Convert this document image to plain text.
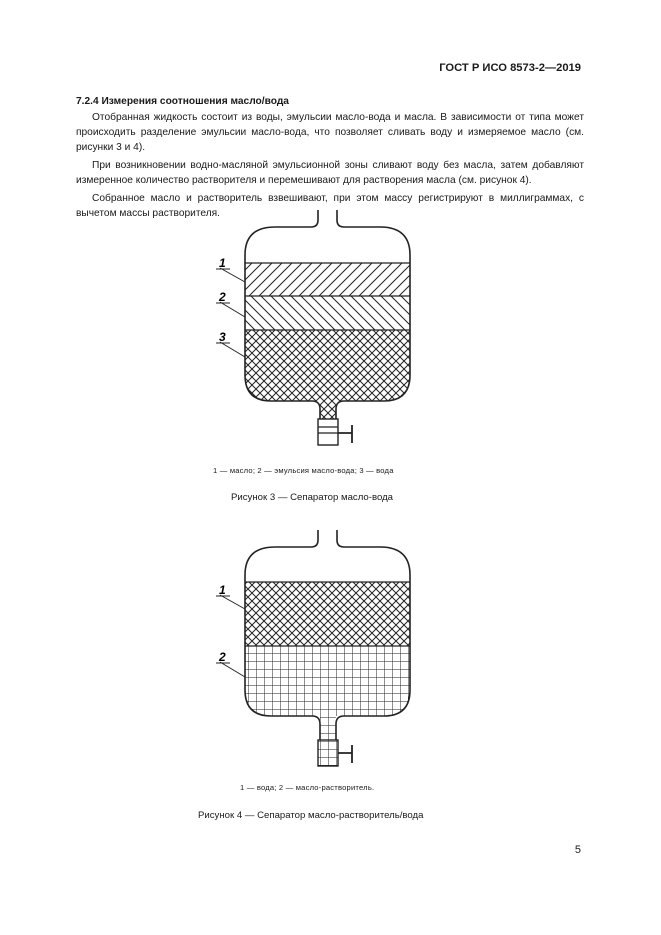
ГОСТ Р ИСО 8573-2—2019
7.2.4 Измерения соотношения масло/вода

Отобранная жидкость состоит из воды, эмульсии масло-вода и масла. В зависимости от типа может происходить разделение эмульсии масло-вода, что позволяет сливать воду и измеряемое масло (см. рисунки 3 и 4).

При возникновении водно-масляной эмульсионной зоны сливают воду без масла, затем добавляют измеренное количество растворителя и перемешивают для растворения масла (см. рисунок 4).

Собранное масло и растворитель взвешивают, при этом массу регистрируют в миллиграммах, с вычетом массы растворителя.

1
2
3
1 — масло; 2 — эмульсия масло-вода; 3 — вода
Рисунок 3 — Сепаратор масло-вода
1
2
1 — вода; 2 — масло-растворитель.
Рисунок 4 — Сепаратор масло-растворитель/вода
5
